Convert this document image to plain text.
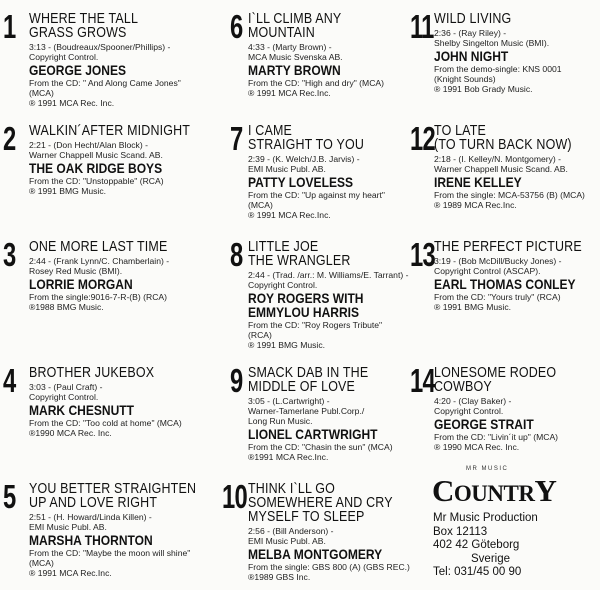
1 WHERE THE TALL
GRASS GROWS
3:13 - (Boudreaux/Spooner/Phillips) -
Copyright Control.
GEORGE JONES
From the CD: " And Along Came Jones"
(MCA)
® 1991 MCA Rec. Inc.
2 WALKIN´AFTER MIDNIGHT
2:21 - (Don Hecht/Alan Block) -
Warner Chappell Music Scand. AB.
THE OAK RIDGE BOYS
From the CD: "Unstoppable" (RCA)
® 1991 BMG Music.
3 ONE MORE LAST TIME
2:44 - (Frank Lynn/C. Chamberlain) -
Rosey Red Music (BMI).
LORRIE MORGAN
From the single:9016-7-R-(B) (RCA)
®1988 BMG Music.
4 BROTHER JUKEBOX
3:03 - (Paul Craft) -
Copyright Control.
MARK CHESNUTT
From the CD: "Too cold at home" (MCA)
®1990 MCA Rec. Inc.
5 YOU BETTER STRAIGHTEN
UP AND LOVE RIGHT
2:51 - (H. Howard/Linda Killen) -
EMI Music Publ. AB.
MARSHA THORNTON
From the CD: "Maybe the moon will shine"
(MCA)
® 1991 MCA Rec.Inc.
6 I`LL CLIMB ANY
MOUNTAIN
4:33 - (Marty Brown) -
MCA Music Svenska AB.
MARTY BROWN
From the CD: "High and dry" (MCA)
® 1991 MCA Rec.Inc.
7 I CAME
STRAIGHT TO YOU
2:39 - (K. Welch/J.B. Jarvis) -
EMI Music Publ. AB.
PATTY LOVELESS
From the CD: "Up against my heart"
(MCA)
® 1991 MCA Rec.Inc.
8 LITTLE JOE
THE WRANGLER
2:44 - (Trad. /arr.: M. Williams/E. Tarrant) -
Copyright Control.
ROY ROGERS WITH
EMMYLOU HARRIS
From the CD: "Roy Rogers Tribute"
(RCA)
® 1991 BMG Music.
9 SMACK DAB IN THE
MIDDLE OF LOVE
3:05 - (L.Cartwright) -
Warner-Tamerlane Publ.Corp./
Long Run Music.
LIONEL CARTWRIGHT
From the CD: "Chasin the sun" (MCA)
®1991 MCA Rec.Inc.
10 THINK I`LL GO
SOMEWHERE AND CRY
MYSELF TO SLEEP
2:56 - (Bill Anderson) -
EMI Music Publ. AB.
MELBA MONTGOMERY
From the single: GBS 800 (A) (GBS REC.)
®1989 GBS Inc.
11 WILD LIVING
2:36 - (Ray Riley) -
Shelby Singelton Music (BMI).
JOHN NIGHT
From the demo-single: KNS 0001
(Knight Sounds)
® 1991 Bob Grady Music.
12 TO LATE
(TO TURN BACK NOW)
2:18 - (I. Kelley/N. Montgomery) -
Warner Chappell Music Scand. AB.
IRENE KELLEY
From the single: MCA-53756 (B) (MCA)
® 1989 MCA Rec.Inc.
13 THE PERFECT PICTURE
3:19 - (Bob McDill/Bucky Jones) -
Copyright Control (ASCAP).
EARL THOMAS CONLEY
From the CD: "Yours truly" (RCA)
® 1991 BMG Music.
14 LONESOME RODEO
COWBOY
4:20 - (Clay Baker) -
Copyright Control.
GEORGE STRAIT
From the CD: "Livin´it up" (MCA)
® 1990 MCA Rec. Inc.
MR MUSIC
COUNTRY
Mr Music Production
Box 12113
402 42 Göteborg
Sverige
Tel: 031/45 00 90
